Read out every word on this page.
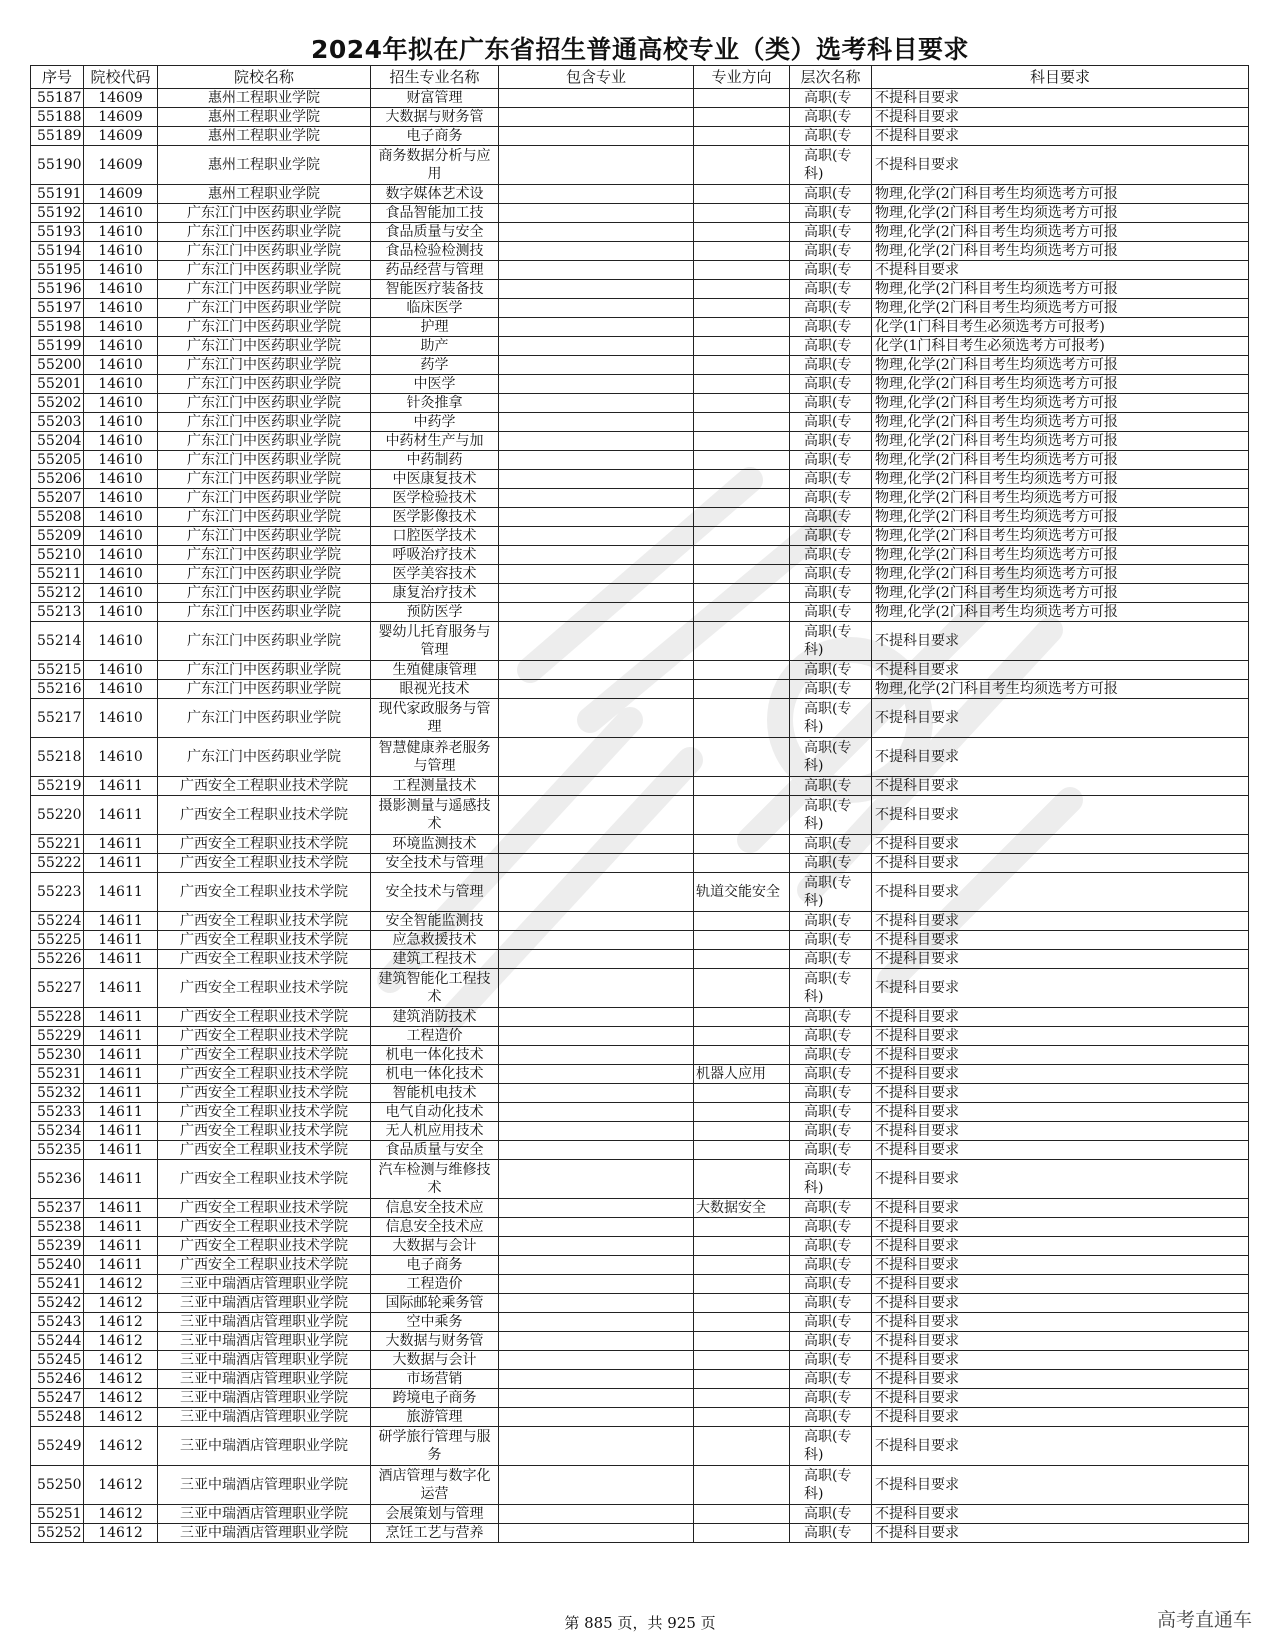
2024年拟在广东省招生普通高校专业（类）选考科目要求
序号	院校代码	院校名称	招生专业名称	包含专业	专业方向	层次名称	科目要求
55187	14609	惠州工程职业学院	财富管理			高职(专	不提科目要求
55188	14609	惠州工程职业学院	大数据与财务管			高职(专	不提科目要求
55189	14609	惠州工程职业学院	电子商务			高职(专	不提科目要求
55190	14609	惠州工程职业学院	商务数据分析与应用			高职(专科)	不提科目要求
55191	14609	惠州工程职业学院	数字媒体艺术设			高职(专	物理,化学(2门科目考生均须选考方可报
55192	14610	广东江门中医药职业学院	食品智能加工技			高职(专	物理,化学(2门科目考生均须选考方可报
55193	14610	广东江门中医药职业学院	食品质量与安全			高职(专	物理,化学(2门科目考生均须选考方可报
55194	14610	广东江门中医药职业学院	食品检验检测技			高职(专	物理,化学(2门科目考生均须选考方可报
55195	14610	广东江门中医药职业学院	药品经营与管理			高职(专	不提科目要求
55196	14610	广东江门中医药职业学院	智能医疗装备技			高职(专	物理,化学(2门科目考生均须选考方可报
55197	14610	广东江门中医药职业学院	临床医学			高职(专	物理,化学(2门科目考生均须选考方可报
55198	14610	广东江门中医药职业学院	护理			高职(专	化学(1门科目考生必须选考方可报考)
55199	14610	广东江门中医药职业学院	助产			高职(专	化学(1门科目考生必须选考方可报考)
55200	14610	广东江门中医药职业学院	药学			高职(专	物理,化学(2门科目考生均须选考方可报
55201	14610	广东江门中医药职业学院	中医学			高职(专	物理,化学(2门科目考生均须选考方可报
55202	14610	广东江门中医药职业学院	针灸推拿			高职(专	物理,化学(2门科目考生均须选考方可报
55203	14610	广东江门中医药职业学院	中药学			高职(专	物理,化学(2门科目考生均须选考方可报
55204	14610	广东江门中医药职业学院	中药材生产与加			高职(专	物理,化学(2门科目考生均须选考方可报
55205	14610	广东江门中医药职业学院	中药制药			高职(专	物理,化学(2门科目考生均须选考方可报
55206	14610	广东江门中医药职业学院	中医康复技术			高职(专	物理,化学(2门科目考生均须选考方可报
55207	14610	广东江门中医药职业学院	医学检验技术			高职(专	物理,化学(2门科目考生均须选考方可报
55208	14610	广东江门中医药职业学院	医学影像技术			高职(专	物理,化学(2门科目考生均须选考方可报
55209	14610	广东江门中医药职业学院	口腔医学技术			高职(专	物理,化学(2门科目考生均须选考方可报
55210	14610	广东江门中医药职业学院	呼吸治疗技术			高职(专	物理,化学(2门科目考生均须选考方可报
55211	14610	广东江门中医药职业学院	医学美容技术			高职(专	物理,化学(2门科目考生均须选考方可报
55212	14610	广东江门中医药职业学院	康复治疗技术			高职(专	物理,化学(2门科目考生均须选考方可报
55213	14610	广东江门中医药职业学院	预防医学			高职(专	物理,化学(2门科目考生均须选考方可报
55214	14610	广东江门中医药职业学院	婴幼儿托育服务与管理			高职(专科)	不提科目要求
55215	14610	广东江门中医药职业学院	生殖健康管理			高职(专	不提科目要求
55216	14610	广东江门中医药职业学院	眼视光技术			高职(专	物理,化学(2门科目考生均须选考方可报
55217	14610	广东江门中医药职业学院	现代家政服务与管理			高职(专科)	不提科目要求
55218	14610	广东江门中医药职业学院	智慧健康养老服务与管理			高职(专科)	不提科目要求
55219	14611	广西安全工程职业技术学院	工程测量技术			高职(专	不提科目要求
55220	14611	广西安全工程职业技术学院	摄影测量与遥感技术			高职(专科)	不提科目要求
55221	14611	广西安全工程职业技术学院	环境监测技术			高职(专	不提科目要求
55222	14611	广西安全工程职业技术学院	安全技术与管理			高职(专	不提科目要求
55223	14611	广西安全工程职业技术学院	安全技术与管理		轨道交能安全	高职(专科)	不提科目要求
55224	14611	广西安全工程职业技术学院	安全智能监测技			高职(专	不提科目要求
55225	14611	广西安全工程职业技术学院	应急救援技术			高职(专	不提科目要求
55226	14611	广西安全工程职业技术学院	建筑工程技术			高职(专	不提科目要求
55227	14611	广西安全工程职业技术学院	建筑智能化工程技术			高职(专科)	不提科目要求
55228	14611	广西安全工程职业技术学院	建筑消防技术			高职(专	不提科目要求
55229	14611	广西安全工程职业技术学院	工程造价			高职(专	不提科目要求
55230	14611	广西安全工程职业技术学院	机电一体化技术			高职(专	不提科目要求
55231	14611	广西安全工程职业技术学院	机电一体化技术		机器人应用	高职(专	不提科目要求
55232	14611	广西安全工程职业技术学院	智能机电技术			高职(专	不提科目要求
55233	14611	广西安全工程职业技术学院	电气自动化技术			高职(专	不提科目要求
55234	14611	广西安全工程职业技术学院	无人机应用技术			高职(专	不提科目要求
55235	14611	广西安全工程职业技术学院	食品质量与安全			高职(专	不提科目要求
55236	14611	广西安全工程职业技术学院	汽车检测与维修技术			高职(专科)	不提科目要求
55237	14611	广西安全工程职业技术学院	信息安全技术应		大数据安全	高职(专	不提科目要求
55238	14611	广西安全工程职业技术学院	信息安全技术应			高职(专	不提科目要求
55239	14611	广西安全工程职业技术学院	大数据与会计			高职(专	不提科目要求
55240	14611	广西安全工程职业技术学院	电子商务			高职(专	不提科目要求
55241	14612	三亚中瑞酒店管理职业学院	工程造价			高职(专	不提科目要求
55242	14612	三亚中瑞酒店管理职业学院	国际邮轮乘务管			高职(专	不提科目要求
55243	14612	三亚中瑞酒店管理职业学院	空中乘务			高职(专	不提科目要求
55244	14612	三亚中瑞酒店管理职业学院	大数据与财务管			高职(专	不提科目要求
55245	14612	三亚中瑞酒店管理职业学院	大数据与会计			高职(专	不提科目要求
55246	14612	三亚中瑞酒店管理职业学院	市场营销			高职(专	不提科目要求
55247	14612	三亚中瑞酒店管理职业学院	跨境电子商务			高职(专	不提科目要求
55248	14612	三亚中瑞酒店管理职业学院	旅游管理			高职(专	不提科目要求
55249	14612	三亚中瑞酒店管理职业学院	研学旅行管理与服务			高职(专科)	不提科目要求
55250	14612	三亚中瑞酒店管理职业学院	酒店管理与数字化运营			高职(专科)	不提科目要求
55251	14612	三亚中瑞酒店管理职业学院	会展策划与管理			高职(专	不提科目要求
55252	14612	三亚中瑞酒店管理职业学院	烹饪工艺与营养			高职(专	不提科目要求
第 885 页，共 925 页	高考直通车
